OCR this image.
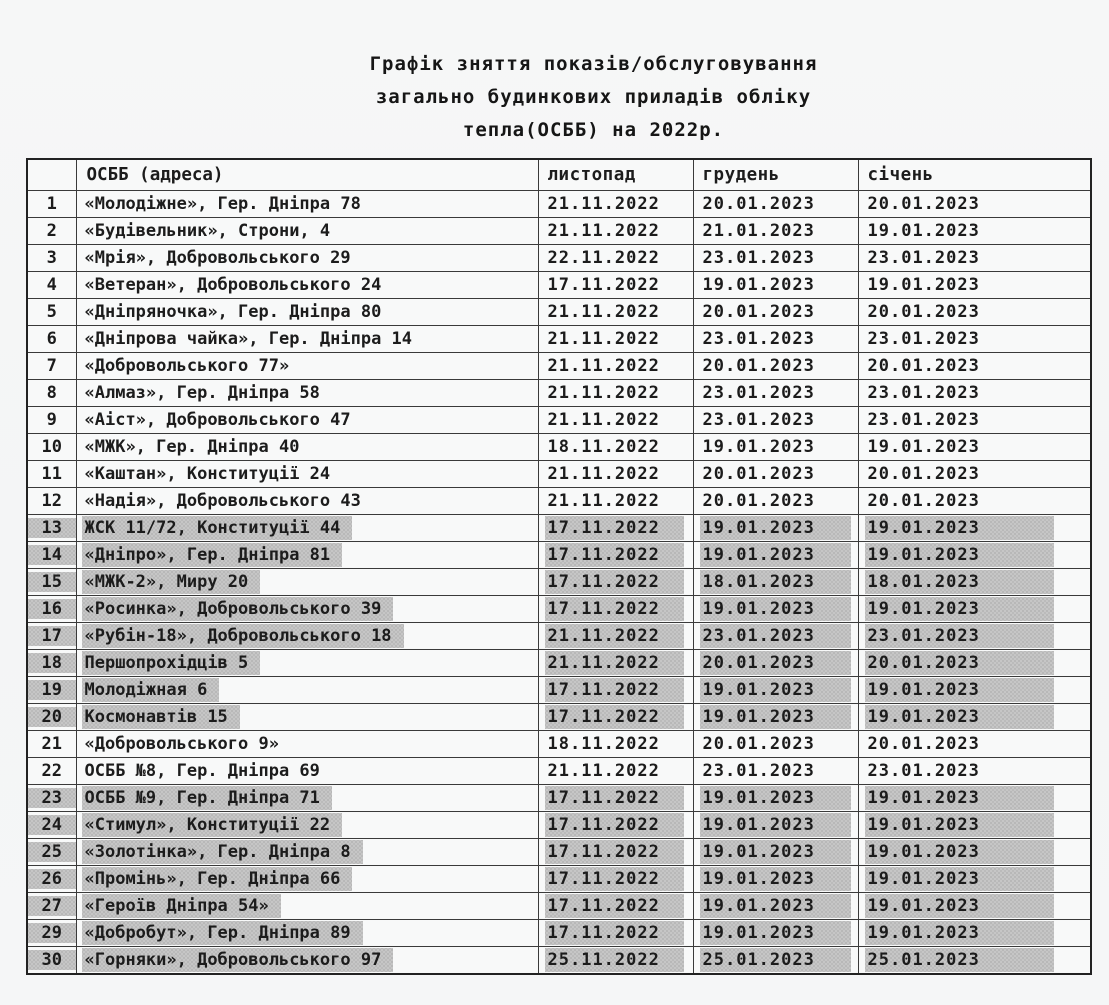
Графік зняття показів/обслуговування
загально будинкових приладів обліку
тепла(ОСББ) на 2022р.
	ОСББ (адреса)	листопад	грудень	січень
1	«Молодіжне», Гер. Дніпра 78	21.11.2022	20.01.2023	20.01.2023
2	«Будівельник», Строни, 4	21.11.2022	21.01.2023	19.01.2023
3	«Мрія», Добровольського 29	22.11.2022	23.01.2023	23.01.2023
4	«Ветеран», Добровольського 24	17.11.2022	19.01.2023	19.01.2023
5	«Дніпряночка», Гер. Дніпра 80	21.11.2022	20.01.2023	20.01.2023
6	«Дніпрова чайка», Гер. Дніпра 14	21.11.2022	23.01.2023	23.01.2023
7	«Добровольського 77»	21.11.2022	20.01.2023	20.01.2023
8	«Алмаз», Гер. Дніпра 58	21.11.2022	23.01.2023	23.01.2023
9	«Аіст», Добровольського 47	21.11.2022	23.01.2023	23.01.2023
10	«МЖК», Гер. Дніпра 40	18.11.2022	19.01.2023	19.01.2023
11	«Каштан», Конституції 24	21.11.2022	20.01.2023	20.01.2023
12	«Надія», Добровольського 43	21.11.2022	20.01.2023	20.01.2023
13	ЖСК 11/72, Конституції 44	17.11.2022	19.01.2023	19.01.2023
14	«Дніпро», Гер. Дніпра 81	17.11.2022	19.01.2023	19.01.2023
15	«МЖК-2», Миру 20	17.11.2022	18.01.2023	18.01.2023
16	«Росинка», Добровольського 39	17.11.2022	19.01.2023	19.01.2023
17	«Рубін-18», Добровольського 18	21.11.2022	23.01.2023	23.01.2023
18	Першопрохідців 5	21.11.2022	20.01.2023	20.01.2023
19	Молодіжная 6	17.11.2022	19.01.2023	19.01.2023
20	Космонавтів 15	17.11.2022	19.01.2023	19.01.2023
21	«Добровольського 9»	18.11.2022	20.01.2023	20.01.2023
22	ОСББ №8, Гер. Дніпра 69	21.11.2022	23.01.2023	23.01.2023
23	ОСББ №9, Гер. Дніпра 71	17.11.2022	19.01.2023	19.01.2023
24	«Стимул», Конституції 22	17.11.2022	19.01.2023	19.01.2023
25	«Золотінка», Гер. Дніпра 8	17.11.2022	19.01.2023	19.01.2023
26	«Промінь», Гер. Дніпра 66	17.11.2022	19.01.2023	19.01.2023
27	«Героїв Дніпра 54»	17.11.2022	19.01.2023	19.01.2023
29	«Добробут», Гер. Дніпра 89	17.11.2022	19.01.2023	19.01.2023
30	«Горняки», Добровольського 97	25.11.2022	25.01.2023	25.01.2023
